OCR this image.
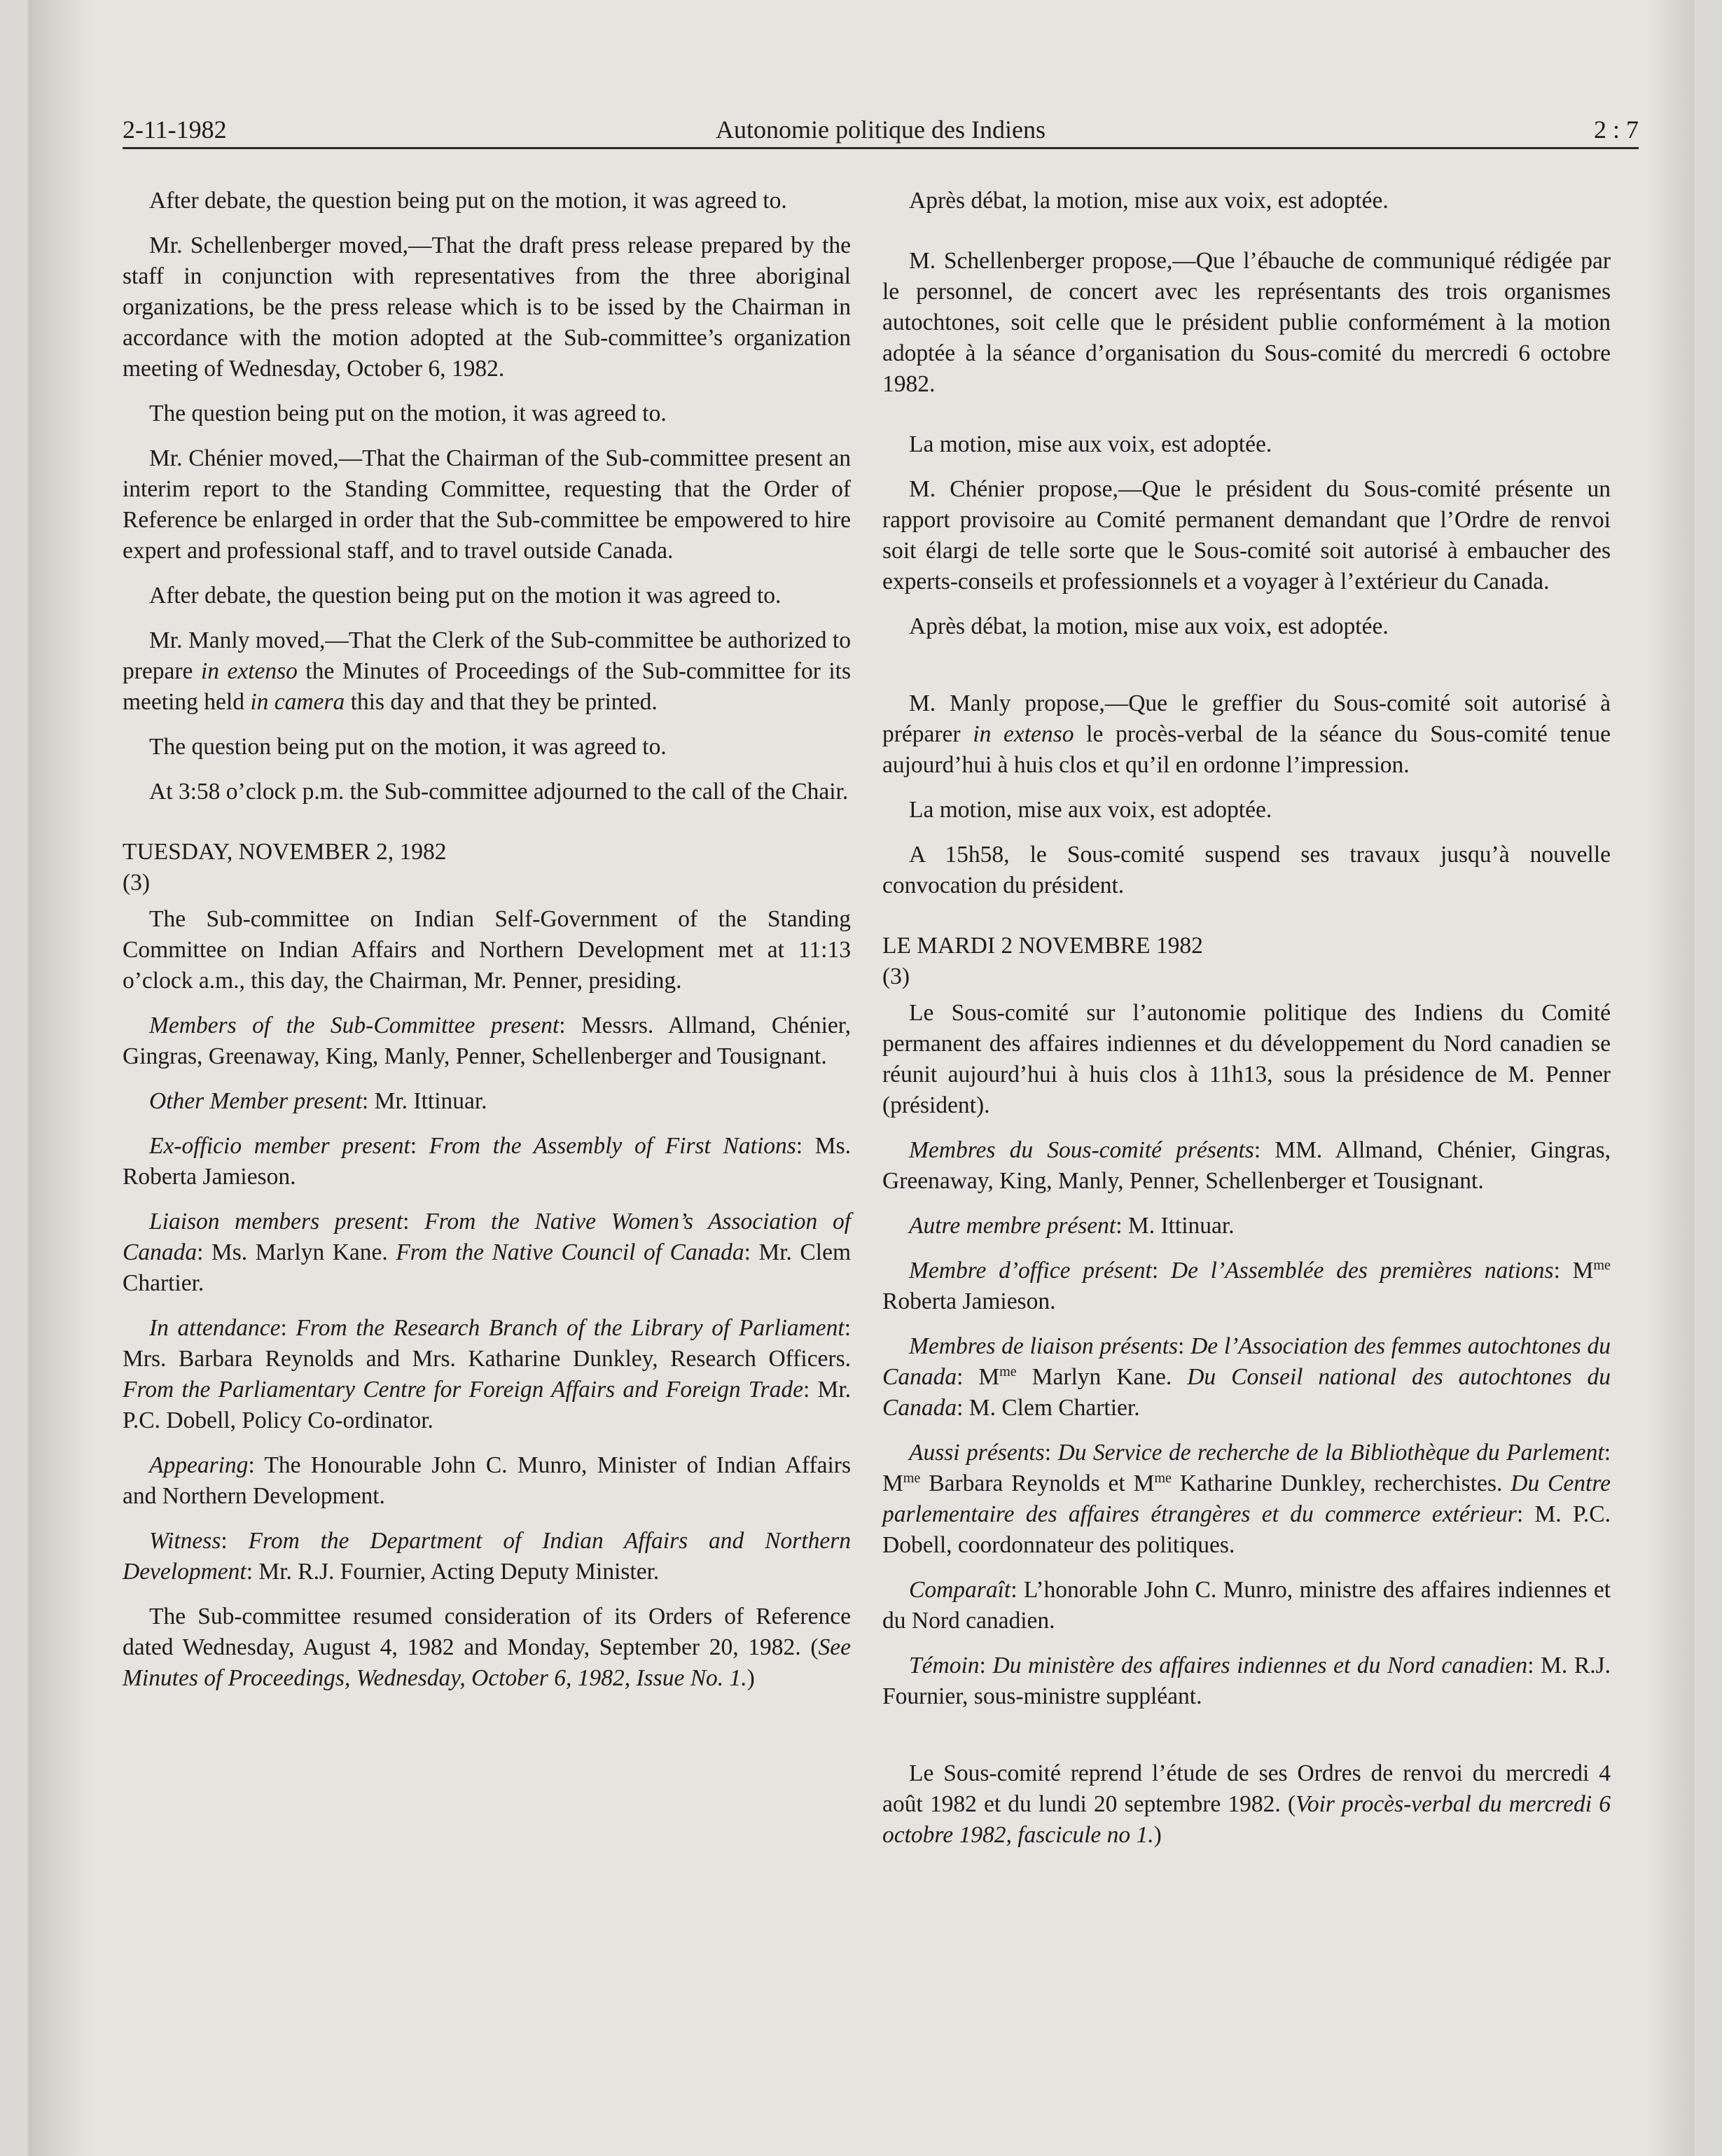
2-11-1982	Autonomie politique des Indiens	2 : 7

After debate, the question being put on the motion, it was agreed to.

Mr. Schellenberger moved,—That the draft press release prepared by the staff in conjunction with representatives from the three aboriginal organizations, be the press release which is to be issed by the Chairman in accordance with the motion adopted at the Sub-committee’s organization meeting of Wednesday, October 6, 1982.

The question being put on the motion, it was agreed to.

Mr. Chénier moved,—That the Chairman of the Sub-committee present an interim report to the Standing Committee, requesting that the Order of Reference be enlarged in order that the Sub-committee be empowered to hire expert and professional staff, and to travel outside Canada.

After debate, the question being put on the motion it was agreed to.

Mr. Manly moved,—That the Clerk of the Sub-committee be authorized to prepare in extenso the Minutes of Proceedings of the Sub-committee for its meeting held in camera this day and that they be printed.

The question being put on the motion, it was agreed to.

At 3:58 o’clock p.m. the Sub-committee adjourned to the call of the Chair.

TUESDAY, NOVEMBER 2, 1982

(3)

The Sub-committee on Indian Self-Government of the Standing Committee on Indian Affairs and Northern Development met at 11:13 o’clock a.m., this day, the Chairman, Mr. Penner, presiding.

Members of the Sub-Committee present: Messrs. Allmand, Chénier, Gingras, Greenaway, King, Manly, Penner, Schellenberger and Tousignant.

Other Member present: Mr. Ittinuar.

Ex-officio member present: From the Assembly of First Nations: Ms. Roberta Jamieson.

Liaison members present: From the Native Women’s Association of Canada: Ms. Marlyn Kane. From the Native Council of Canada: Mr. Clem Chartier.

In attendance: From the Research Branch of the Library of Parliament: Mrs. Barbara Reynolds and Mrs. Katharine Dunkley, Research Officers. From the Parliamentary Centre for Foreign Affairs and Foreign Trade: Mr. P.C. Dobell, Policy Co-ordinator.

Appearing: The Honourable John C. Munro, Minister of Indian Affairs and Northern Development.

Witness: From the Department of Indian Affairs and Northern Development: Mr. R.J. Fournier, Acting Deputy Minister.

The Sub-committee resumed consideration of its Orders of Reference dated Wednesday, August 4, 1982 and Monday, September 20, 1982. (See Minutes of Proceedings, Wednesday, October 6, 1982, Issue No. 1.)

Après débat, la motion, mise aux voix, est adoptée.

M. Schellenberger propose,—Que l’ébauche de communiqué rédigée par le personnel, de concert avec les représentants des trois organismes autochtones, soit celle que le président publie conformément à la motion adoptée à la séance d’organisation du Sous-comité du mercredi 6 octobre 1982.

La motion, mise aux voix, est adoptée.

M. Chénier propose,—Que le président du Sous-comité présente un rapport provisoire au Comité permanent demandant que l’Ordre de renvoi soit élargi de telle sorte que le Sous-comité soit autorisé à embaucher des experts-conseils et professionnels et a voyager à l’extérieur du Canada.

Après débat, la motion, mise aux voix, est adoptée.

M. Manly propose,—Que le greffier du Sous-comité soit autorisé à préparer in extenso le procès-verbal de la séance du Sous-comité tenue aujourd’hui à huis clos et qu’il en ordonne l’impression.

La motion, mise aux voix, est adoptée.

A 15h58, le Sous-comité suspend ses travaux jusqu’à nouvelle convocation du président.

LE MARDI 2 NOVEMBRE 1982

(3)

Le Sous-comité sur l’autonomie politique des Indiens du Comité permanent des affaires indiennes et du développement du Nord canadien se réunit aujourd’hui à huis clos à 11h13, sous la présidence de M. Penner (président).

Membres du Sous-comité présents: MM. Allmand, Chénier, Gingras, Greenaway, King, Manly, Penner, Schellenberger et Tousignant.

Autre membre présent: M. Ittinuar.

Membre d’office présent: De l’Assemblée des premières nations: $M^{me}$ Roberta Jamieson.

Membres de liaison présents: De l’Association des femmes autochtones du Canada: $M^{me}$ Marlyn Kane. Du Conseil national des autochtones du Canada: M. Clem Chartier.

Aussi présents: Du Service de recherche de la Bibliothèque du Parlement: $M^{me}$ Barbara Reynolds et $M^{me}$ Katharine Dunkley, recherchistes. Du Centre parlementaire des affaires étrangères et du commerce extérieur: M. P.C. Dobell, coordonnateur des politiques.

Comparaît: L’honorable John C. Munro, ministre des affaires indiennes et du Nord canadien.

Témoin: Du ministère des affaires indiennes et du Nord canadien: M. R.J. Fournier, sous-ministre suppléant.

Le Sous-comité reprend l’étude de ses Ordres de renvoi du mercredi 4 août 1982 et du lundi 20 septembre 1982. (Voir procès-verbal du mercredi 6 octobre 1982, fascicule no 1.)
